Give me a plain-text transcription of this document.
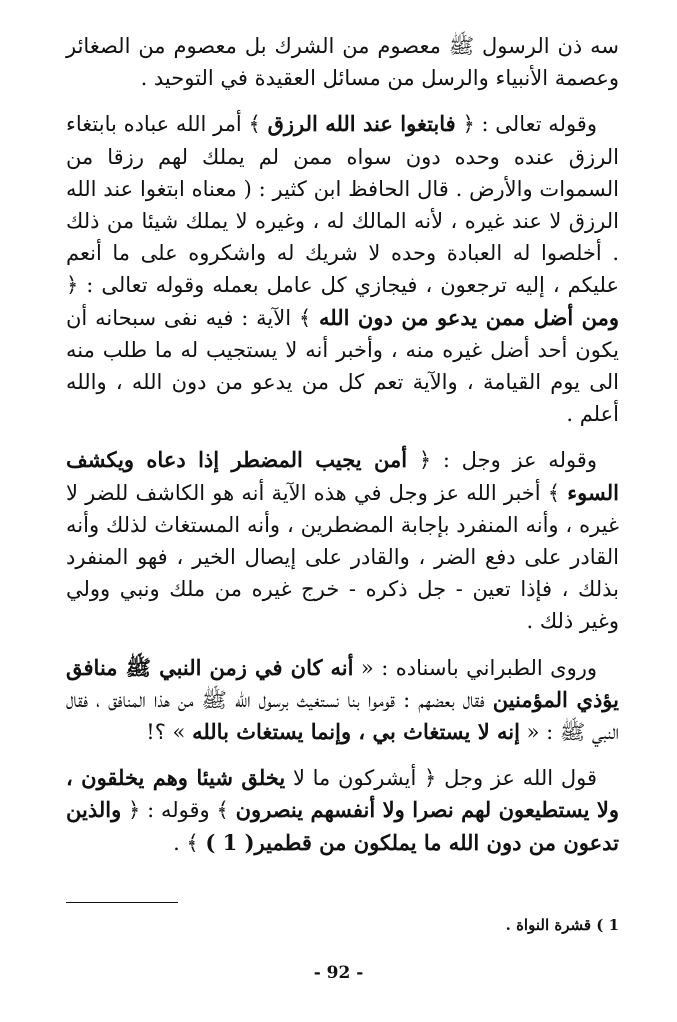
سه ذن الرسول ﷺ معصوم من الشرك بل معصوم من الصغائر وعصمة الأنبياء والرسل من مسائل العقيدة في التوحيد .

وقوله تعالى : ﴿ فابتغوا عند الله الرزق ﴾ أمر الله عباده بابتغاء الرزق عنده وحده دون سواه ممن لم يملك لهم رزقا من السموات والأرض . قال الحافظ ابن كثير : ( معناه ابتغوا عند الله الرزق لا عند غيره ، لأنه المالك له ، وغيره لا يملك شيئا من ذلك . أخلصوا له العبادة وحده لا شريك له واشكروه على ما أنعم عليكم ، إليه ترجعون ، فيجازي كل عامل بعمله وقوله تعالى : ﴿ ومن أضل ممن يدعو من دون الله ﴾ الآية : فيه نفى سبحانه أن يكون أحد أضل غيره منه ، وأخبر أنه لا يستجيب له ما طلب منه الى يوم القيامة ، والآية تعم كل من يدعو من دون الله ، والله أعلم .

وقوله عز وجل : ﴿ أمن يجيب المضطر إذا دعاه ويكشف السوء ﴾ أخبر الله عز وجل في هذه الآية أنه هو الكاشف للضر لا غيره ، وأنه المنفرد بإجابة المضطرين ، وأنه المستغاث لذلك وأنه القادر على دفع الضر ، والقادر على إيصال الخير ، فهو المنفرد بذلك ، فإذا تعين - جل ذكره - خرج غيره من ملك ونبي وولي وغير ذلك .

وروى الطبراني باسناده : « أنه كان في زمن النبي ﷺ منافق يؤذي المؤمنين فقال بعضهم : قوموا بنا نستغيث برسول الله ﷺ من هذا المنافق ، فقال النبي ﷺ : « إنه لا يستغاث بي ، وإنما يستغاث بالله » ؟!

قول الله عز وجل ﴿ أيشركون ما لا يخلق شيئا وهم يخلقون ، ولا يستطيعون لهم نصرا ولا أنفسهم ينصرون ﴾ وقوله : ﴿ والذين تدعون من دون الله ما يملكون من قطمير( 1 ) ﴾ .

1 ) قشرة النواة .
- 92 -
